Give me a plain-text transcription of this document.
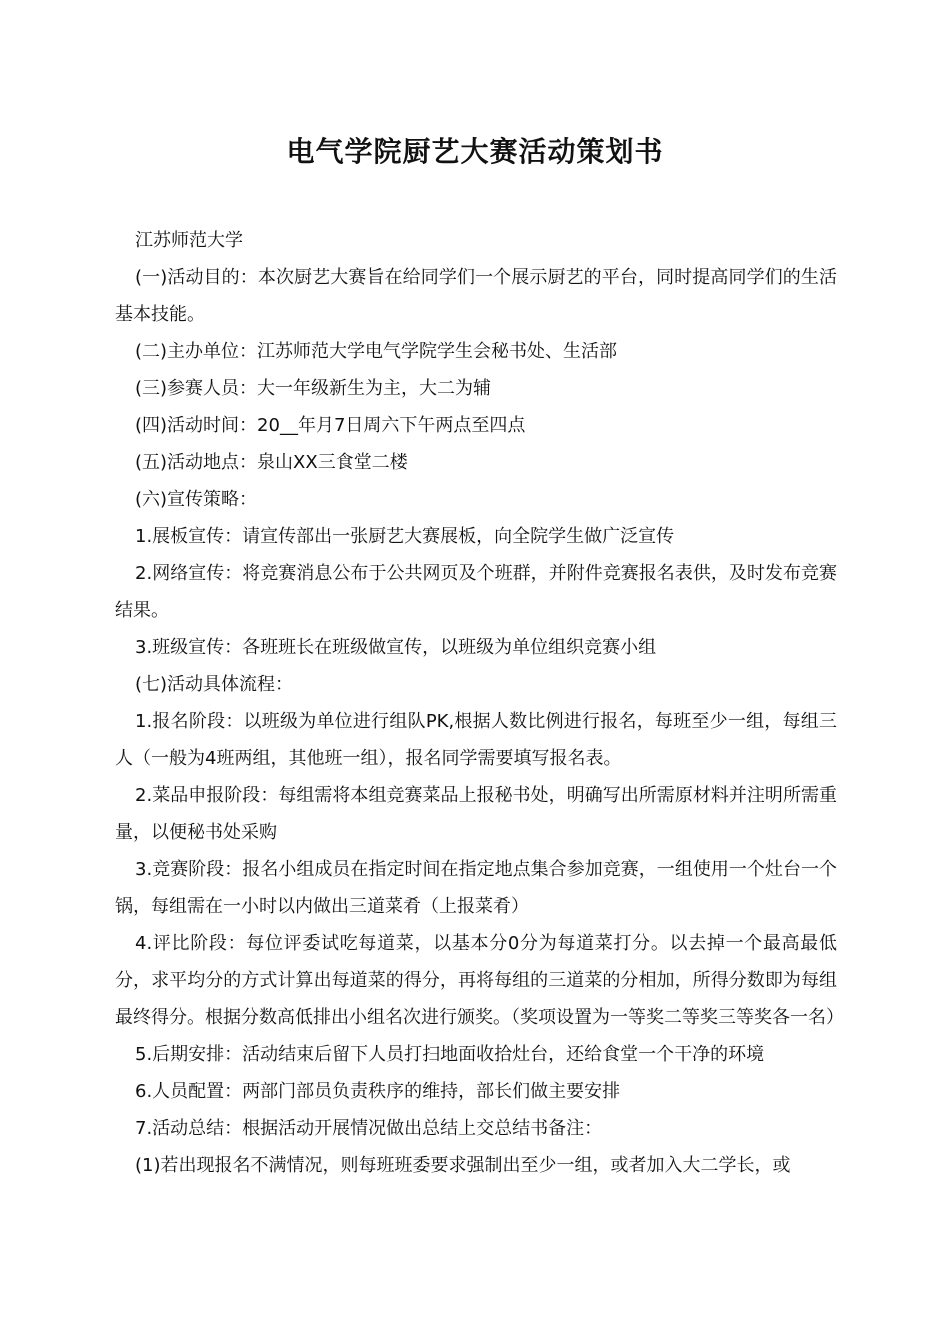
电气学院厨艺大赛活动策划书

江苏师范大学

(一)活动目的：本次厨艺大赛旨在给同学们一个展示厨艺的平台，同时提高同学们的生活基本技能。

(二)主办单位：江苏师范大学电气学院学生会秘书处、生活部

(三)参赛人员：大一年级新生为主，大二为辅

(四)活动时间：20__年月7日周六下午两点至四点

(五)活动地点：泉山XX三食堂二楼

(六)宣传策略：

1.展板宣传：请宣传部出一张厨艺大赛展板，向全院学生做广泛宣传

2.网络宣传：将竞赛消息公布于公共网页及个班群，并附件竞赛报名表供，及时发布竞赛结果。

3.班级宣传：各班班长在班级做宣传，以班级为单位组织竞赛小组

(七)活动具体流程：

1.报名阶段：以班级为单位进行组队PK,根据人数比例进行报名，每班至少一组，每组三人（一般为4班两组，其他班一组），报名同学需要填写报名表。

2.菜品申报阶段：每组需将本组竞赛菜品上报秘书处，明确写出所需原材料并注明所需重量，以便秘书处采购

3.竞赛阶段：报名小组成员在指定时间在指定地点集合参加竞赛，一组使用一个灶台一个锅，每组需在一小时以内做出三道菜肴（上报菜肴）

4.评比阶段：每位评委试吃每道菜，以基本分0分为每道菜打分。以去掉一个最高最低分，求平均分的方式计算出每道菜的得分，再将每组的三道菜的分相加，所得分数即为每组最终得分。根据分数高低排出小组名次进行颁奖。（奖项设置为一等奖二等奖三等奖各一名）

5.后期安排：活动结束后留下人员打扫地面收拾灶台，还给食堂一个干净的环境

6.人员配置：两部门部员负责秩序的维持，部长们做主要安排

7.活动总结：根据活动开展情况做出总结上交总结书备注：

(1)若出现报名不满情况，则每班班委要求强制出至少一组，或者加入大二学长，或
